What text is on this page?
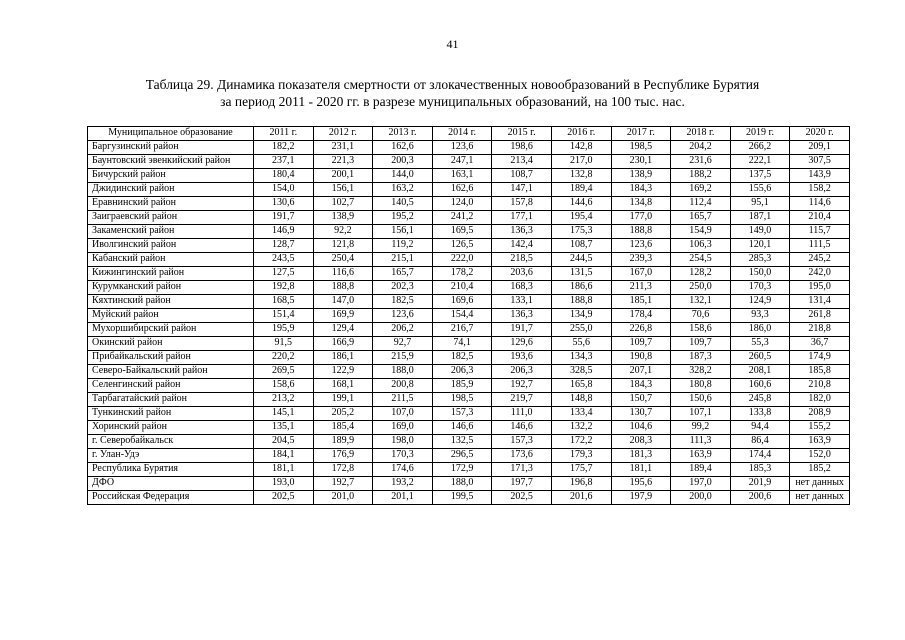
41
Таблица 29. Динамика показателя смертности от злокачественных новообразований в Республике Бурятия
за период 2011 - 2020 гг. в разрезе муниципальных образований, на 100 тыс. нас.
Муниципальное образование	2011 г.	2012 г.	2013 г.	2014 г.	2015 г.	2016 г.	2017 г.	2018 г.	2019 г.	2020 г.
Баргузинский район	182,2	231,1	162,6	123,6	198,6	142,8	198,5	204,2	266,2	209,1
Баунтовский эвенкийский район	237,1	221,3	200,3	247,1	213,4	217,0	230,1	231,6	222,1	307,5
Бичурский район	180,4	200,1	144,0	163,1	108,7	132,8	138,9	188,2	137,5	143,9
Джидинский район	154,0	156,1	163,2	162,6	147,1	189,4	184,3	169,2	155,6	158,2
Еравнинский район	130,6	102,7	140,5	124,0	157,8	144,6	134,8	112,4	95,1	114,6
Заиграевский район	191,7	138,9	195,2	241,2	177,1	195,4	177,0	165,7	187,1	210,4
Закаменский район	146,9	92,2	156,1	169,5	136,3	175,3	188,8	154,9	149,0	115,7
Иволгинский район	128,7	121,8	119,2	126,5	142,4	108,7	123,6	106,3	120,1	111,5
Кабанский район	243,5	250,4	215,1	222,0	218,5	244,5	239,3	254,5	285,3	245,2
Кижингинский район	127,5	116,6	165,7	178,2	203,6	131,5	167,0	128,2	150,0	242,0
Курумканский район	192,8	188,8	202,3	210,4	168,3	186,6	211,3	250,0	170,3	195,0
Кяхтинский район	168,5	147,0	182,5	169,6	133,1	188,8	185,1	132,1	124,9	131,4
Муйский район	151,4	169,9	123,6	154,4	136,3	134,9	178,4	70,6	93,3	261,8
Мухоршибирский район	195,9	129,4	206,2	216,7	191,7	255,0	226,8	158,6	186,0	218,8
Окинский район	91,5	166,9	92,7	74,1	129,6	55,6	109,7	109,7	55,3	36,7
Прибайкальский район	220,2	186,1	215,9	182,5	193,6	134,3	190,8	187,3	260,5	174,9
Северо-Байкальский район	269,5	122,9	188,0	206,3	206,3	328,5	207,1	328,2	208,1	185,8
Селенгинский район	158,6	168,1	200,8	185,9	192,7	165,8	184,3	180,8	160,6	210,8
Тарбагатайский район	213,2	199,1	211,5	198,5	219,7	148,8	150,7	150,6	245,8	182,0
Тункинский район	145,1	205,2	107,0	157,3	111,0	133,4	130,7	107,1	133,8	208,9
Хоринский район	135,1	185,4	169,0	146,6	146,6	132,2	104,6	99,2	94,4	155,2
г. Северобайкальск	204,5	189,9	198,0	132,5	157,3	172,2	208,3	111,3	86,4	163,9
г. Улан-Удэ	184,1	176,9	170,3	296,5	173,6	179,3	181,3	163,9	174,4	152,0
Республика Бурятия	181,1	172,8	174,6	172,9	171,3	175,7	181,1	189,4	185,3	185,2
ДФО	193,0	192,7	193,2	188,0	197,7	196,8	195,6	197,0	201,9	нет данных
Российская Федерация	202,5	201,0	201,1	199,5	202,5	201,6	197,9	200,0	200,6	нет данных
